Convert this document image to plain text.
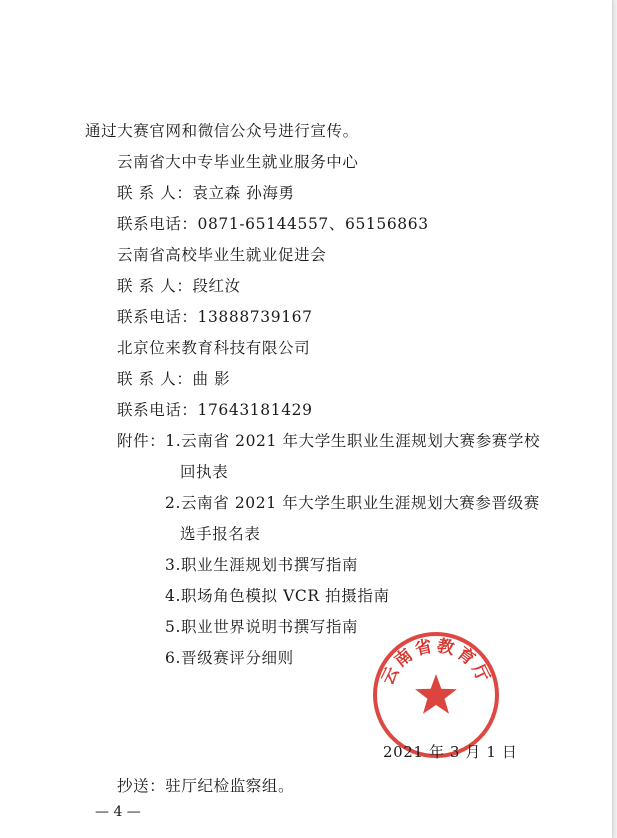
通过大赛官网和微信公众号进行宣传。
云南省大中专毕业生就业服务中心
联 系 人：袁立森 孙海勇
联系电话：0871-65144557、65156863
云南省高校毕业生就业促进会
联 系 人：段红汝
联系电话：13888739167
北京位来教育科技有限公司
联 系 人：曲 影
联系电话：17643181429
附件：1.云南省 2021 年大学生职业生涯规划大赛参赛学校
回执表
2.云南省 2021 年大学生职业生涯规划大赛参晋级赛
选手报名表
3.职业生涯规划书撰写指南
4.职场角色模拟 VCR 拍摄指南
5.职业世界说明书撰写指南
6.晋级赛评分细则
云南省教育厅
2021 年 3 月 1 日
抄送：驻厅纪检监察组。
— 4 —
